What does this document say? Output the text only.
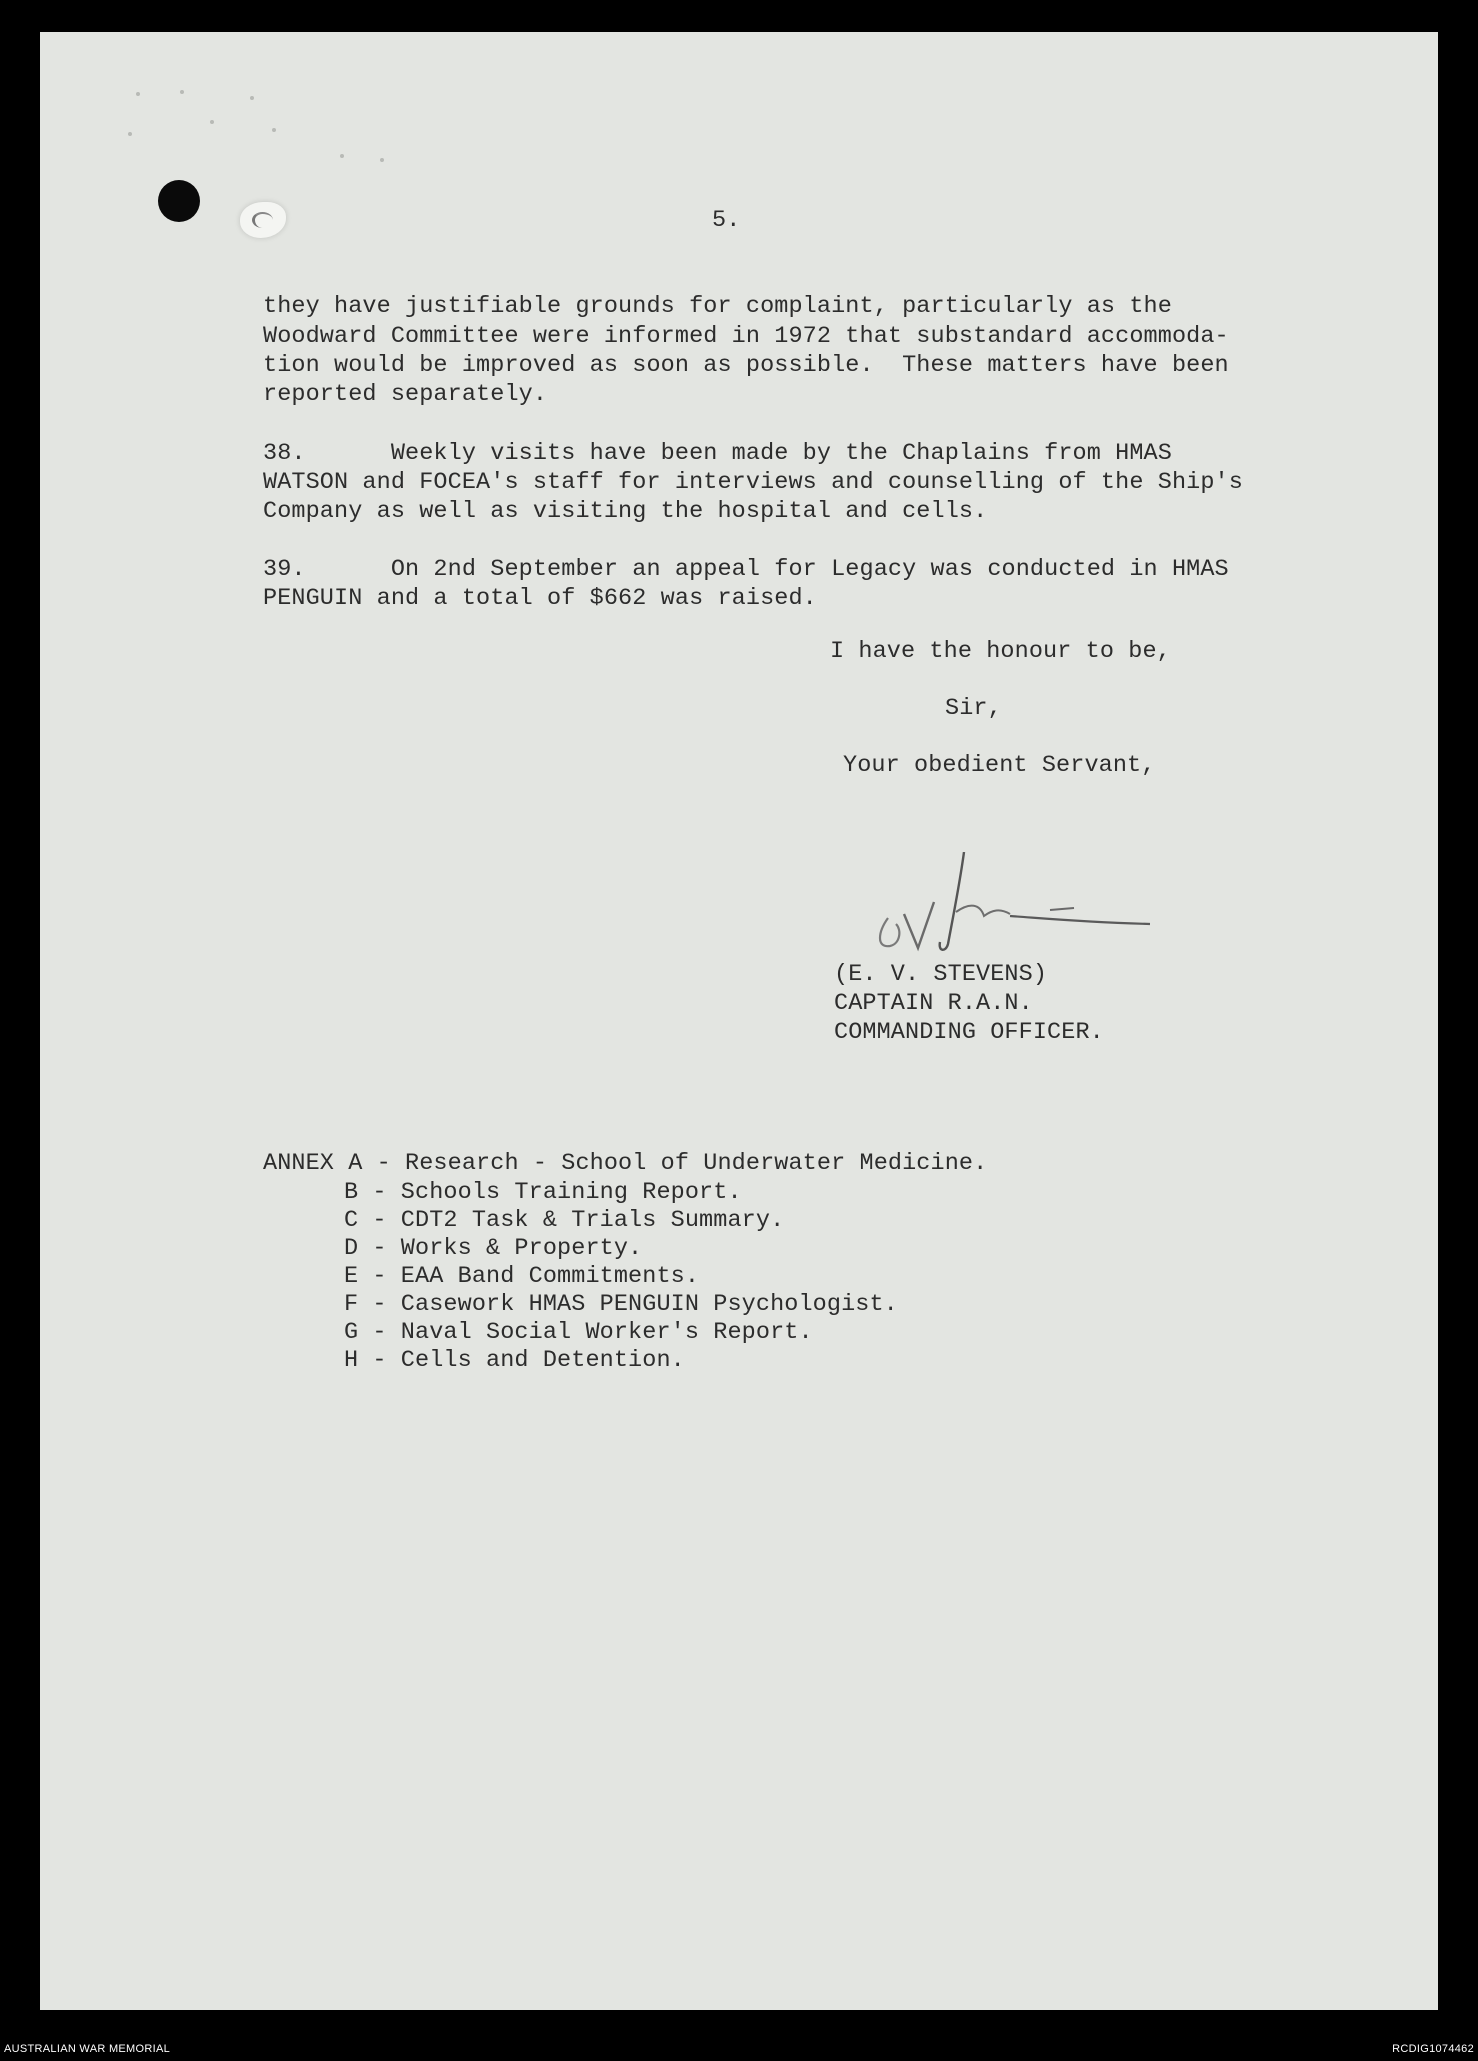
5.
they have justifiable grounds for complaint, particularly as the
Woodward Committee were informed in 1972 that substandard accommoda-
tion would be improved as soon as possible.  These matters have been
reported separately.
38.      Weekly visits have been made by the Chaplains from HMAS
WATSON and FOCEA's staff for interviews and counselling of the Ship's
Company as well as visiting the hospital and cells.
39.      On 2nd September an appeal for Legacy was conducted in HMAS
PENGUIN and a total of $662 was raised.
I have the honour to be,
Sir,
Your obedient Servant,
(E. V. STEVENS)
CAPTAIN R.A.N.
COMMANDING OFFICER.
ANNEX A - Research - School of Underwater Medicine.
B - Schools Training Report.
C - CDT2 Task & Trials Summary.
D - Works & Property.
E - EAA Band Commitments.
F - Casework HMAS PENGUIN Psychologist.
G - Naval Social Worker's Report.
H - Cells and Detention.
AUSTRALIAN WAR MEMORIAL	RCDIG1074462
